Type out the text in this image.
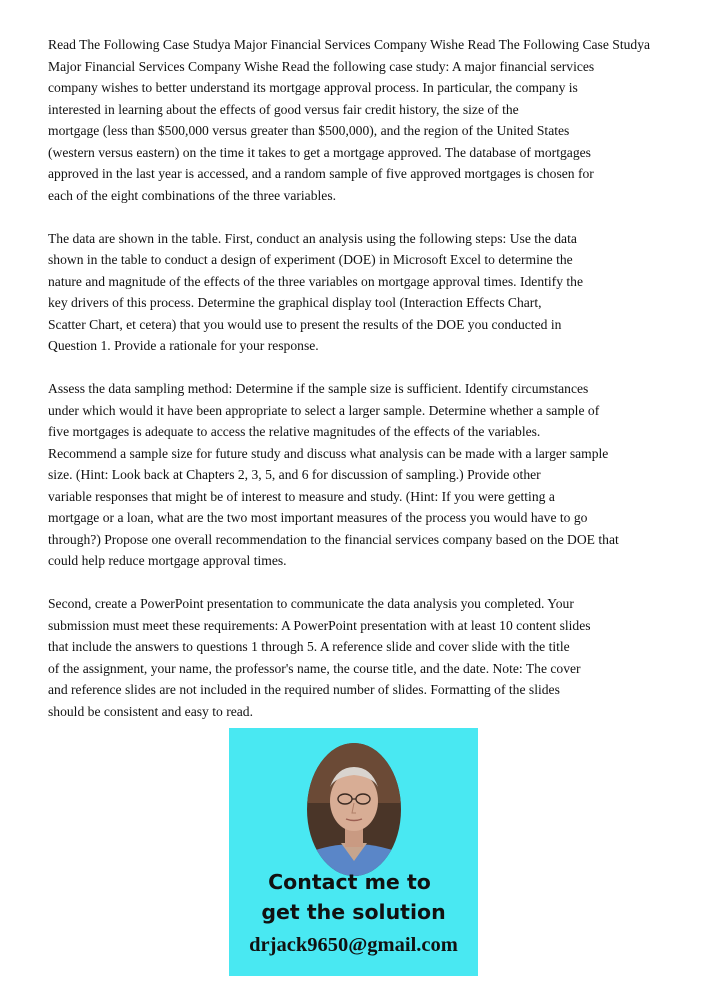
Read The Following Case Studya Major Financial Services Company Wishe Read The Following Case Studya
Major Financial Services Company Wishe Read the following case study: A major financial services
company wishes to better understand its mortgage approval process. In particular, the company is
interested in learning about the effects of good versus fair credit history, the size of the
mortgage (less than $500,000 versus greater than $500,000), and the region of the United States
(western versus eastern) on the time it takes to get a mortgage approved. The database of mortgages
approved in the last year is accessed, and a random sample of five approved mortgages is chosen for
each of the eight combinations of the three variables.

The data are shown in the table. First, conduct an analysis using the following steps: Use the data
shown in the table to conduct a design of experiment (DOE) in Microsoft Excel to determine the
nature and magnitude of the effects of the three variables on mortgage approval times. Identify the
key drivers of this process. Determine the graphical display tool (Interaction Effects Chart,
Scatter Chart, et cetera) that you would use to present the results of the DOE you conducted in
Question 1. Provide a rationale for your response.

Assess the data sampling method: Determine if the sample size is sufficient. Identify circumstances
under which would it have been appropriate to select a larger sample. Determine whether a sample of
five mortgages is adequate to access the relative magnitudes of the effects of the variables.
Recommend a sample size for future study and discuss what analysis can be made with a larger sample
size. (Hint: Look back at Chapters 2, 3, 5, and 6 for discussion of sampling.) Provide other
variable responses that might be of interest to measure and study. (Hint: If you were getting a
mortgage or a loan, what are the two most important measures of the process you would have to go
through?) Propose one overall recommendation to the financial services company based on the DOE that
could help reduce mortgage approval times.

Second, create a PowerPoint presentation to communicate the data analysis you completed. Your
submission must meet these requirements: A PowerPoint presentation with at least 10 content slides
that include the answers to questions 1 through 5. A reference slide and cover slide with the title
of the assignment, your name, the professor's name, the course title, and the date. Note: The cover
and reference slides are not included in the required number of slides. Formatting of the slides
should be consistent and easy to read.

Contact me to
get the solution
drjack9650@gmail.com
